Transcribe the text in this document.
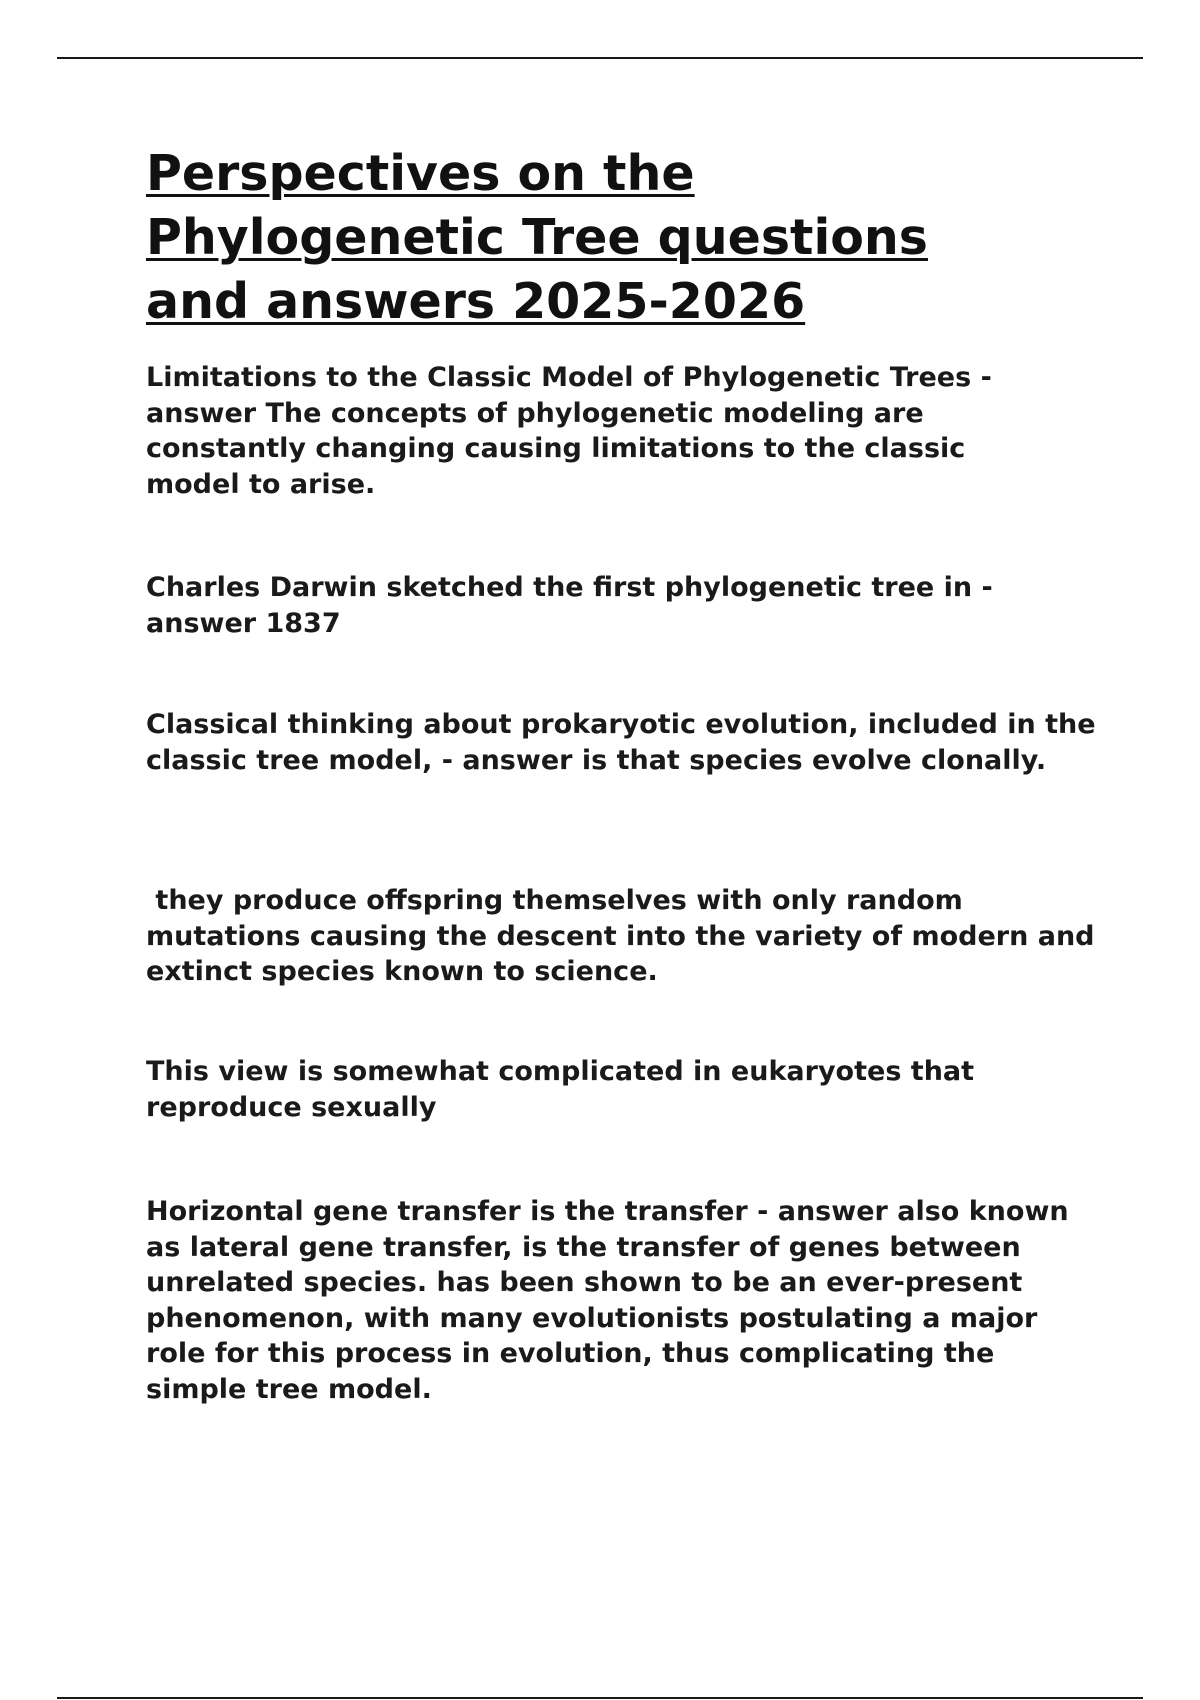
Perspectives on the Phylogenetic Tree questions and answers 2025-2026

Limitations to the Classic Model of Phylogenetic Trees - answer The concepts of phylogenetic modeling are constantly changing causing limitations to the classic model to arise.

Charles Darwin sketched the first phylogenetic tree in - answer 1837

Classical thinking about prokaryotic evolution, included in the classic tree model, - answer is that species evolve clonally.

they produce offspring themselves with only random mutations causing the descent into the variety of modern and extinct species known to science.

This view is somewhat complicated in eukaryotes that reproduce sexually

Horizontal gene transfer is the transfer - answer also known as lateral gene transfer, is the transfer of genes between unrelated species. has been shown to be an ever-present phenomenon, with many evolutionists postulating a major role for this process in evolution, thus complicating the simple tree model.
